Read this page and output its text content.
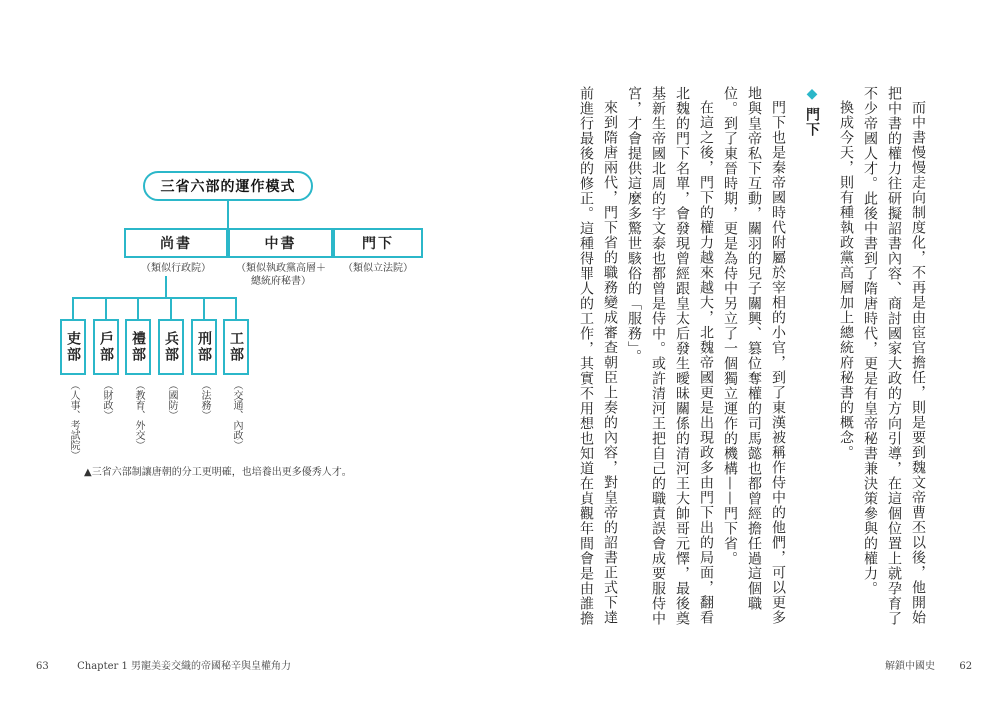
三省六部的運作模式
尚書	中書	門下
（類似行政院）	（類似執政黨高層＋
總統府秘書）
（類似立法院）
吏部	戶部	禮部	兵部	刑部	工部
（人事、考試院）	（財政）	（教育、外交）	（國防）	（法務）	（交通、內政）
▲三省六部制讓唐朝的分工更明確，也培養出更多優秀人才。	而中書慢慢走向制度化，不再是由宦官擔任，則是要到魏文帝曹丕以後，他開始把中書的權力往研擬詔書內容、商討國家大政的方向引導，在這個位置上就孕育了不少帝國人才。此後中書到了隋唐時代，更是有皇帝秘書兼決策參與的權力。

換成今天，則有種執政黨高層加上總統府秘書的概念。

◆門下

門下也是秦帝國時代附屬於宰相的小官，到了東漢被稱作侍中的他們，可以更多地與皇帝私下互動，關羽的兒子關興、篡位奪權的司馬懿也都曾經擔任過這個職位。到了東晉時期，更是為侍中另立了一個獨立運作的機構——門下省。

在這之後，門下的權力越來越大，北魏帝國更是出現政多由門下出的局面，翻看北魏的門下名單，會發現曾經跟皇太后發生曖昧關係的清河王大帥哥元懌，最後奠基新生帝國北周的宇文泰也都曾是侍中。或許清河王把自己的職責誤會成要服侍中宮，才會提供這麼多驚世駭俗的「服務」。

來到隋唐兩代，門下省的職務變成審查朝臣上奏的內容，對皇帝的詔書正式下達前進行最後的修正。這種得罪人的工作，其實不用想也知道在貞觀年間會是由誰擔

63	Chapter 1 男寵美妾交織的帝國秘辛與皇權角力	解鎖中國史 62
